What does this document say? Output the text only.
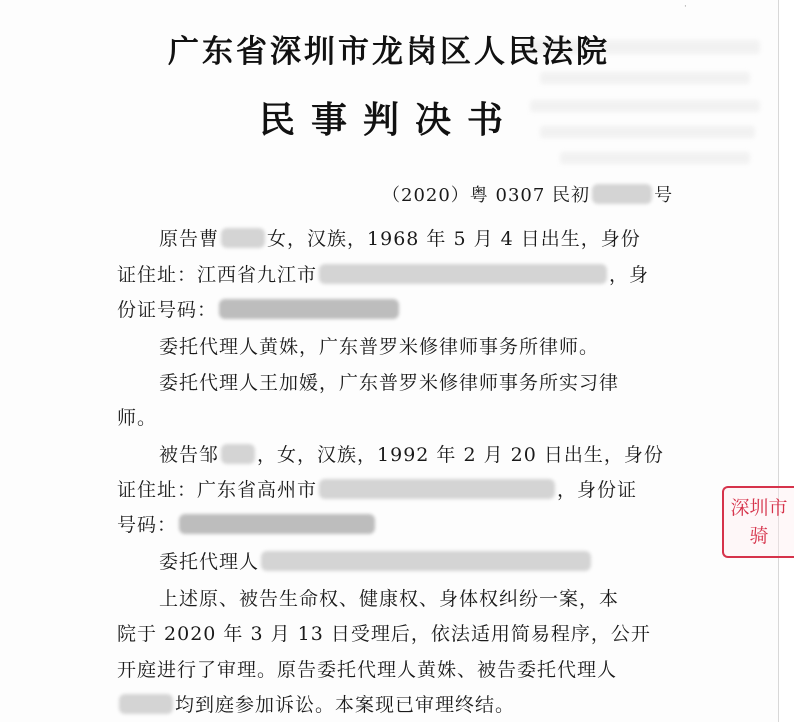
·
广东省深圳市龙岗区人民法院
民事判决书
（2020）粤 0307 民初	号
原告曹	女，汉族，1968 年 5 月 4 日出生，身份
证住址：江西省九江市	，身
份证号码：
委托代理人黄姝，广东普罗米修律师事务所律师。
委托代理人王加媛，广东普罗米修律师事务所实习律
师。
被告邹 ，女，汉族，1992 年 2 月 20 日出生，身份
证住址：广东省高州市	，身份证
号码：
委托代理人
上述原、被告生命权、健康权、身体权纠纷一案，本
院于 2020 年 3 月 13 日受理后，依法适用简易程序，公开
开庭进行了审理。原告委托代理人黄姝、被告委托代理人
均到庭参加诉讼。本案现已审理终结。
深圳市
骑
